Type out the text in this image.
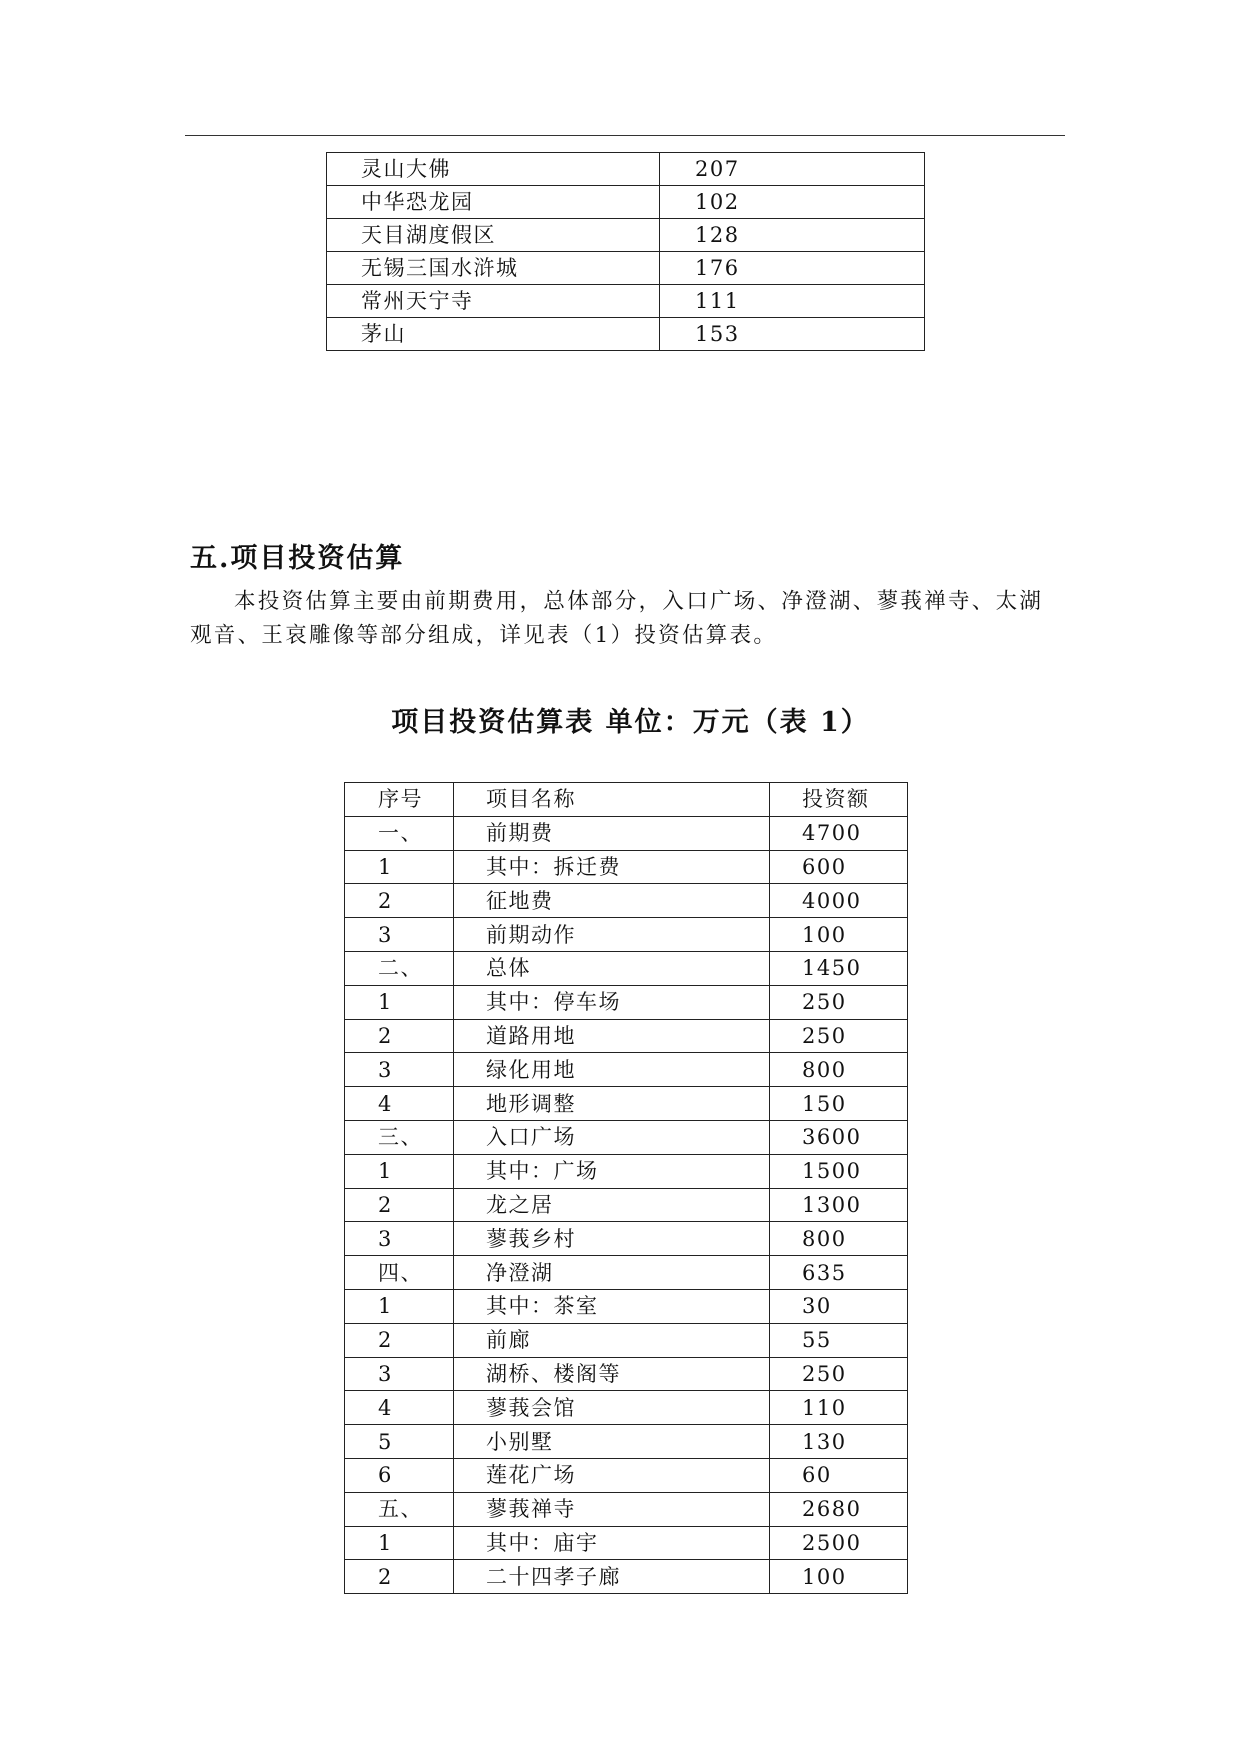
灵山大佛	207
中华恐龙园	102
天目湖度假区	128
无锡三国水浒城	176
常州天宁寺	111
茅山	153
五.项目投资估算

本投资估算主要由前期费用，总体部分，入口广场、净澄湖、蓼莪禅寺、太湖观音、王哀雕像等部分组成，详见表（1）投资估算表。

项目投资估算表 单位：万元（表 1）
序号	项目名称	投资额
一、	前期费	4700
1	其中：拆迁费	600
2	征地费	4000
3	前期动作	100
二、	总体	1450
1	其中：停车场	250
2	道路用地	250
3	绿化用地	800
4	地形调整	150
三、	入口广场	3600
1	其中：广场	1500
2	龙之居	1300
3	蓼莪乡村	800
四、	净澄湖	635
1	其中：茶室	30
2	前廊	55
3	湖桥、楼阁等	250
4	蓼莪会馆	110
5	小别墅	130
6	莲花广场	60
五、	蓼莪禅寺	2680
1	其中：庙宇	2500
2	二十四孝子廊	100
